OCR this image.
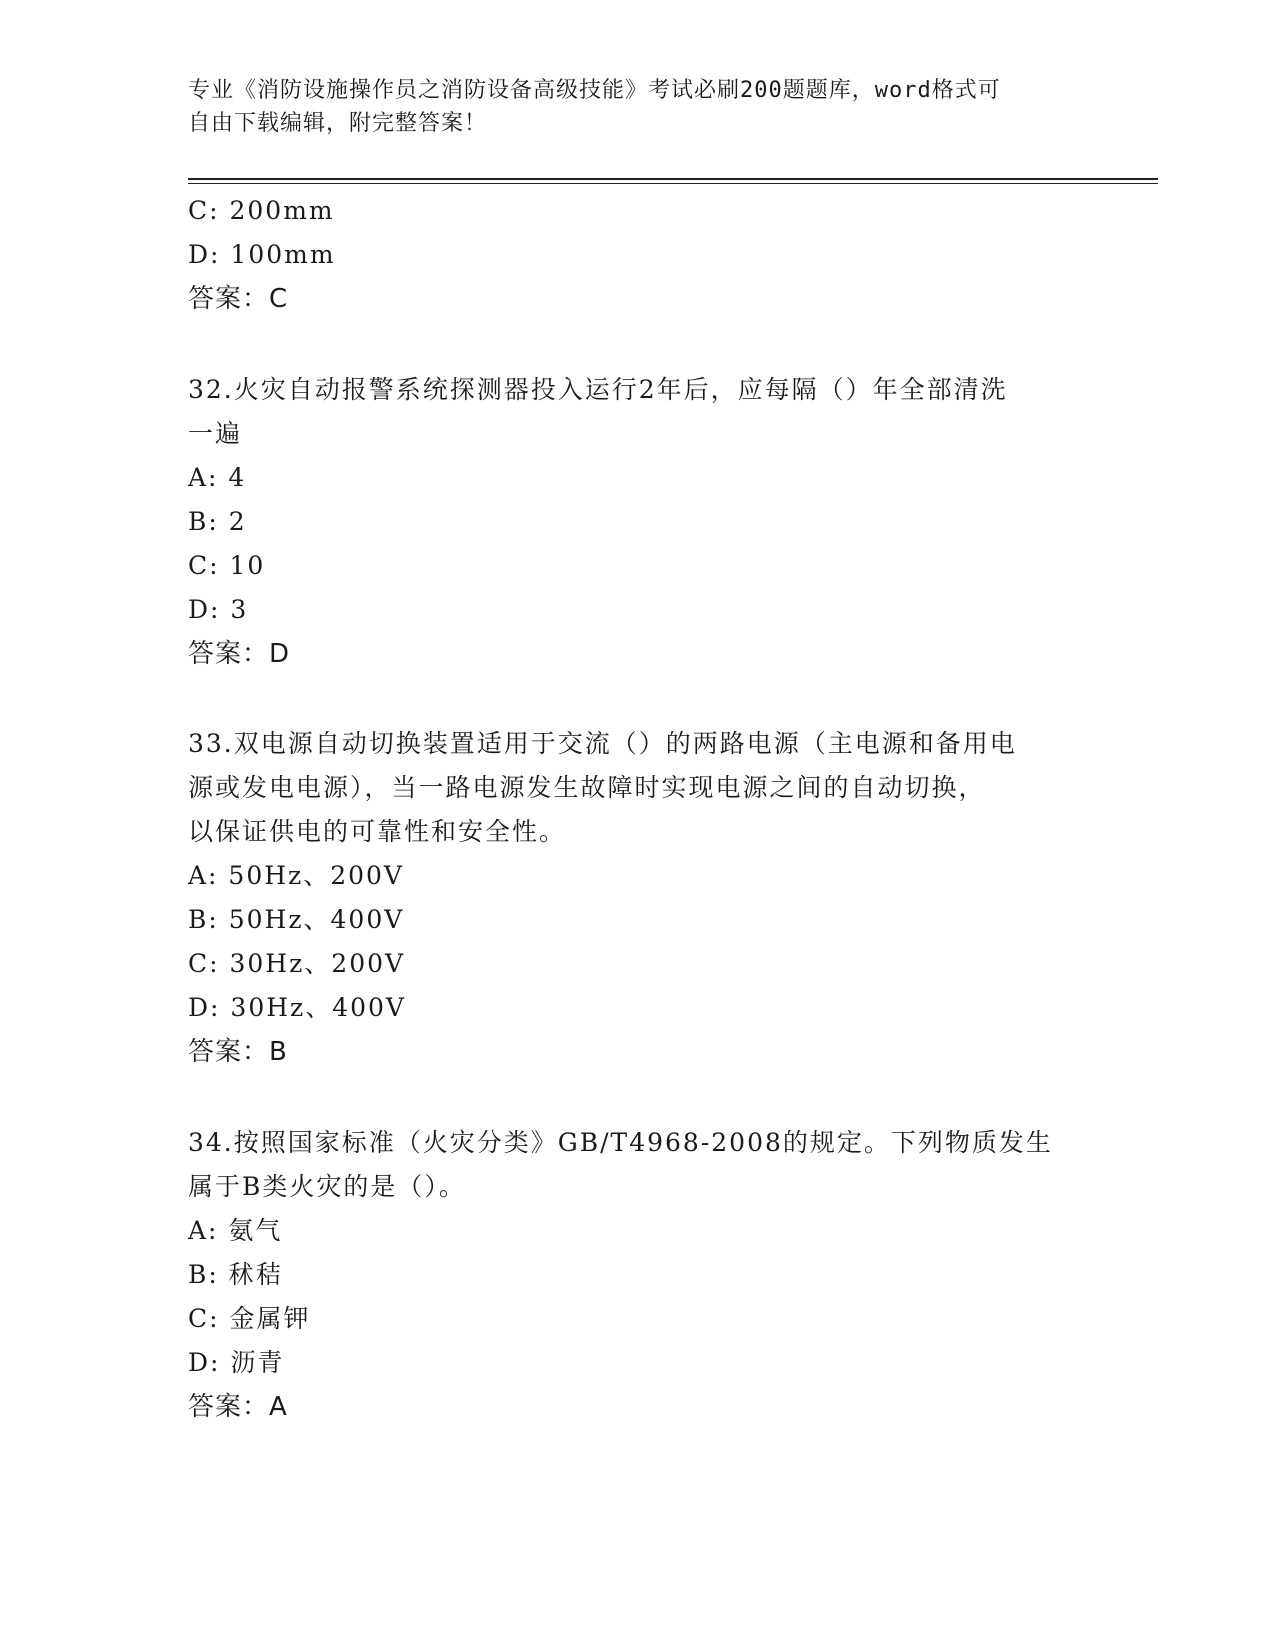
专业《消防设施操作员之消防设备高级技能》考试必刷200题题库，word格式可
自由下载编辑，附完整答案！
C: 200mm
D: 100mm
答案：C
32.火灾自动报警系统探测器投入运行2年后，应每隔（）年全部清洗
一遍
A: 4
B: 2
C: 10
D: 3
答案：D
33.双电源自动切换装置适用于交流（）的两路电源（主电源和备用电
源或发电电源），当一路电源发生故障时实现电源之间的自动切换，
以保证供电的可靠性和安全性。
A: 50Hz、200V
B: 50Hz、400V
C: 30Hz、200V
D: 30Hz、400V
答案：B
34.按照国家标准（火灾分类》GB/T4968-2008的规定。下列物质发生
属于B类火灾的是（）。
A: 氨气
B: 秫秸
C: 金属钾
D: 沥青
答案：A
